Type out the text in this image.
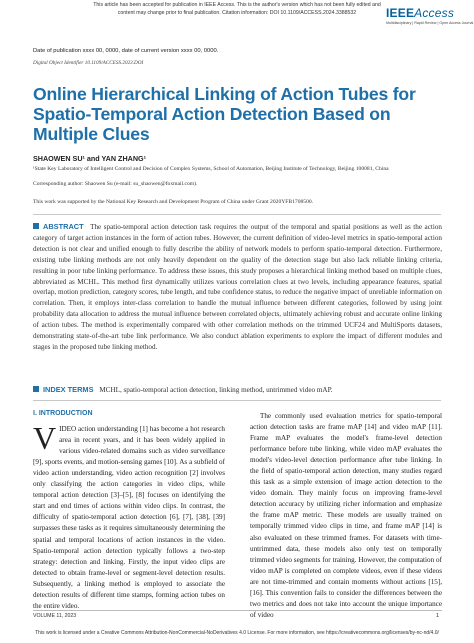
This article has been accepted for publication in IEEE Access. This is the author's version which has not been fully edited and
content may change prior to final publication. Citation information: DOI 10.1109/ACCESS.2024.3388532	IEEEAccess
Multidisciplinary | Rapid Review | Open Access Journal
Date of publication xxxx 00, 0000, date of current version xxxx 00, 0000.
Digital Object Identifier 10.1109/ACCESS.2023.DOI
Online Hierarchical Linking of Action Tubes for Spatio-Temporal Action Detection Based on Multiple Clues
SHAOWEN SU¹ and YAN ZHANG¹
¹State Key Laboratory of Intelligent Control and Decision of Complex Systems, School of Automation, Beijing Institute of Technology, Beijing 100081, China
Corresponding author: Shaowen Su (e-mail: su_shaowen@foxmail.com).
This work was supported by the National Key Research and Development Program of China under Grant 2020YFB1708500.
ABSTRACT The spatio-temporal action detection task requires the output of the temporal and spatial positions as well as the action category of target action instances in the form of action tubes. However, the current definition of video-level metrics in spatio-temporal action detection is not clear and unified enough to fully describe the ability of network models to perform spatio-temporal detection. Furthermore, existing tube linking methods are not only heavily dependent on the quality of the detection stage but also lack reliable linking criteria, resulting in poor tube linking performance. To address these issues, this study proposes a hierarchical linking method based on multiple clues, abbreviated as MCHL. This method first dynamically utilizes various correlation clues at two levels, including appearance features, spatial overlap, motion prediction, category scores, tube length, and tube confidence status, to reduce the negative impact of unreliable information on correlation. Then, it employs inter-class correlation to handle the mutual influence between different categories, followed by using joint probability data allocation to address the mutual influence between correlated objects, ultimately achieving robust and accurate online linking of action tubes. The method is experimentally compared with other correlation methods on the trimmed UCF24 and MultiSports datasets, demonstrating state-of-the-art tube link performance. We also conduct ablation experiments to explore the impact of different modules and stages in the proposed tube linking method.
INDEX TERMS MCHL, spatio-temporal action detection, linking method, untrimmed video mAP.
I. INTRODUCTION

VIDEO action understanding [1] has become a hot research area in recent years, and it has been widely applied in various video-related domains such as video surveillance [9], sports events, and motion-sensing games [10]. As a subfield of video action understanding, video action recognition [2] involves only classifying the action categories in video clips, while temporal action detection [3]–[5], [8] focuses on identifying the start and end times of actions within video clips. In contrast, the difficulty of spatio-temporal action detection [6], [7], [38], [39] surpasses these tasks as it requires simultaneously determining the spatial and temporal locations of action instances in the video. Spatio-temporal action detection typically follows a two-step strategy: detection and linking. Firstly, the input video clips are detected to obtain frame-level or segment-level detection results. Subsequently, a linking method is employed to associate the detection results of different time stamps, forming action tubes on the entire video.

The commonly used evaluation metrics for spatio-temporal action detection tasks are frame mAP [14] and video mAP [11]. Frame mAP evaluates the model's frame-level detection performance before tube linking, while video mAP evaluates the model's video-level detection performance after tube linking. In the field of spatio-temporal action detection, many studies regard this task as a simple extension of image action detection to the video domain. They mainly focus on improving frame-level detection accuracy by utilizing richer information and emphasize the frame mAP metric. These models are usually trained on temporally trimmed video clips in time, and frame mAP [14] is also evaluated on these trimmed frames. For datasets with time-untrimmed data, these models also only test on temporally trimmed video segments for training. However, the computation of video mAP is completed on complete videos, even if these videos are not time-trimmed and contain moments without actions [15], [16]. This convention fails to consider the differences between the two metrics and does not take into account the unique importance of video

VOLUME 11, 2023	1
This work is licensed under a Creative Commons Attribution-NonCommercial-NoDerivatives 4.0 License. For more information, see https://creativecommons.org/licenses/by-nc-nd/4.0/
